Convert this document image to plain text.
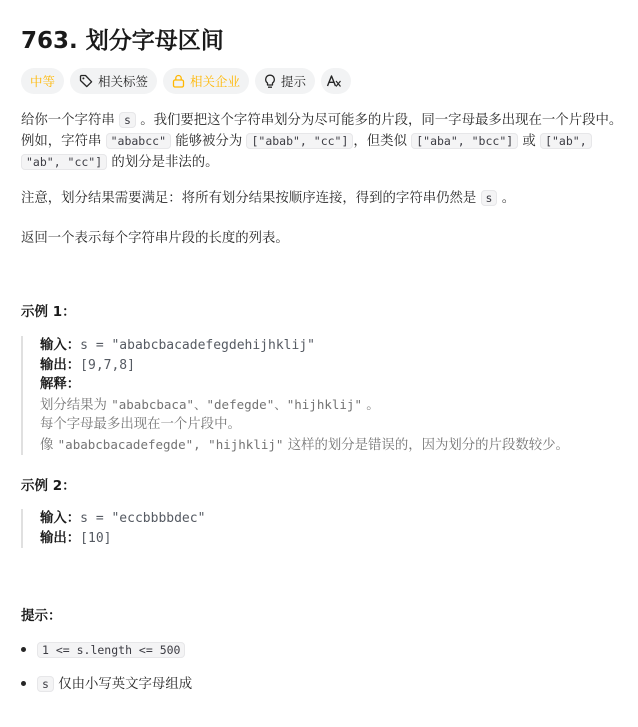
763. 划分字母区间
中等	相关标签	相关企业	提示
给你一个字符串 s 。我们要把这个字符串划分为尽可能多的片段，同一字母最多出现在一个片段中。例如，字符串 "ababcc" 能够被分为 ["abab", "cc"] ，但类似 ["aba", "bcc"] 或 ["ab",
"ab", "cc"] 的划分是非法的。
注意，划分结果需要满足：将所有划分结果按顺序连接，得到的字符串仍然是 s 。
返回一个表示每个字符串片段的长度的列表。
示例 1：
输入：s = "ababcbacadefegdehijhklij"
输出：[9,7,8]
解释：
划分结果为 "ababcbaca"、"defegde"、"hijhklij" 。
每个字母最多出现在一个片段中。
像 "ababcbacadefegde", "hijhklij" 这样的划分是错误的，因为划分的片段数较少。
示例 2：
输入：s = "eccbbbbdec"
输出：[10]
提示：
1 <= s.length <= 500
s 仅由小写英文字母组成
